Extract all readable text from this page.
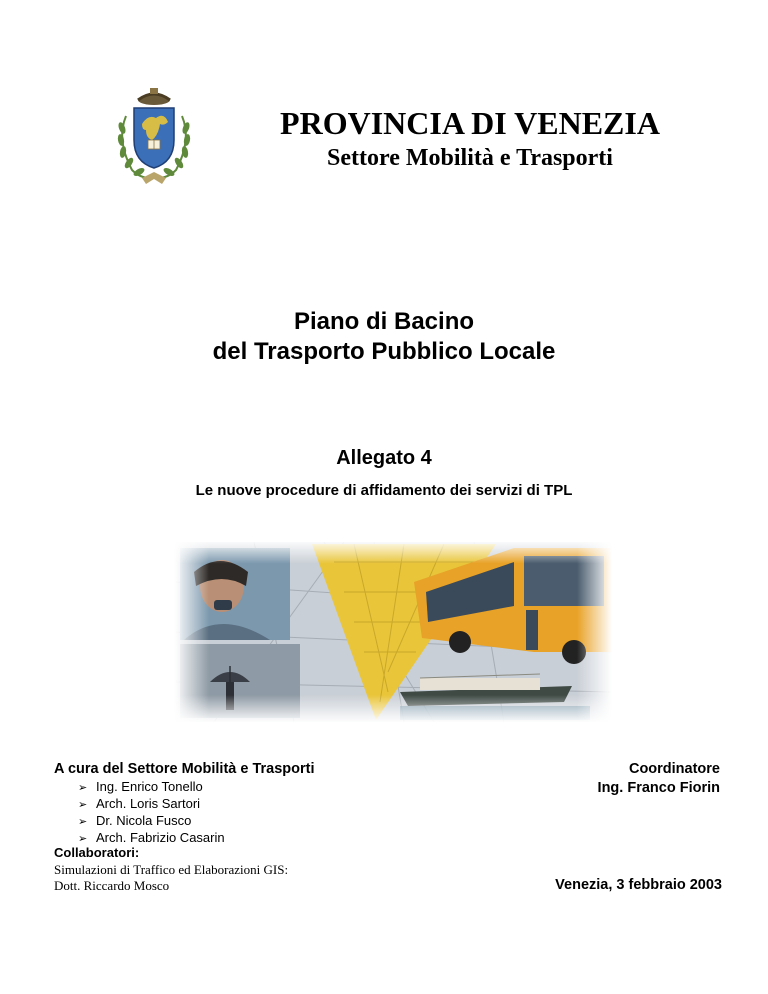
PROVINCIA DI VENEZIA
Settore Mobilità e Trasporti
Piano di Bacino
del Trasporto Pubblico Locale
Allegato 4
Le nuove procedure di affidamento dei servizi di TPL
A cura del Settore Mobilità e Trasporti
➢ Ing. Enrico Tonello
➢ Arch. Loris Sartori
➢ Dr. Nicola Fusco
➢ Arch. Fabrizio Casarin
Collaboratori:
Simulazioni di Traffico ed Elaborazioni GIS:
Dott. Riccardo Mosco
Coordinatore
Ing. Franco Fiorin
Venezia, 3 febbraio 2003
